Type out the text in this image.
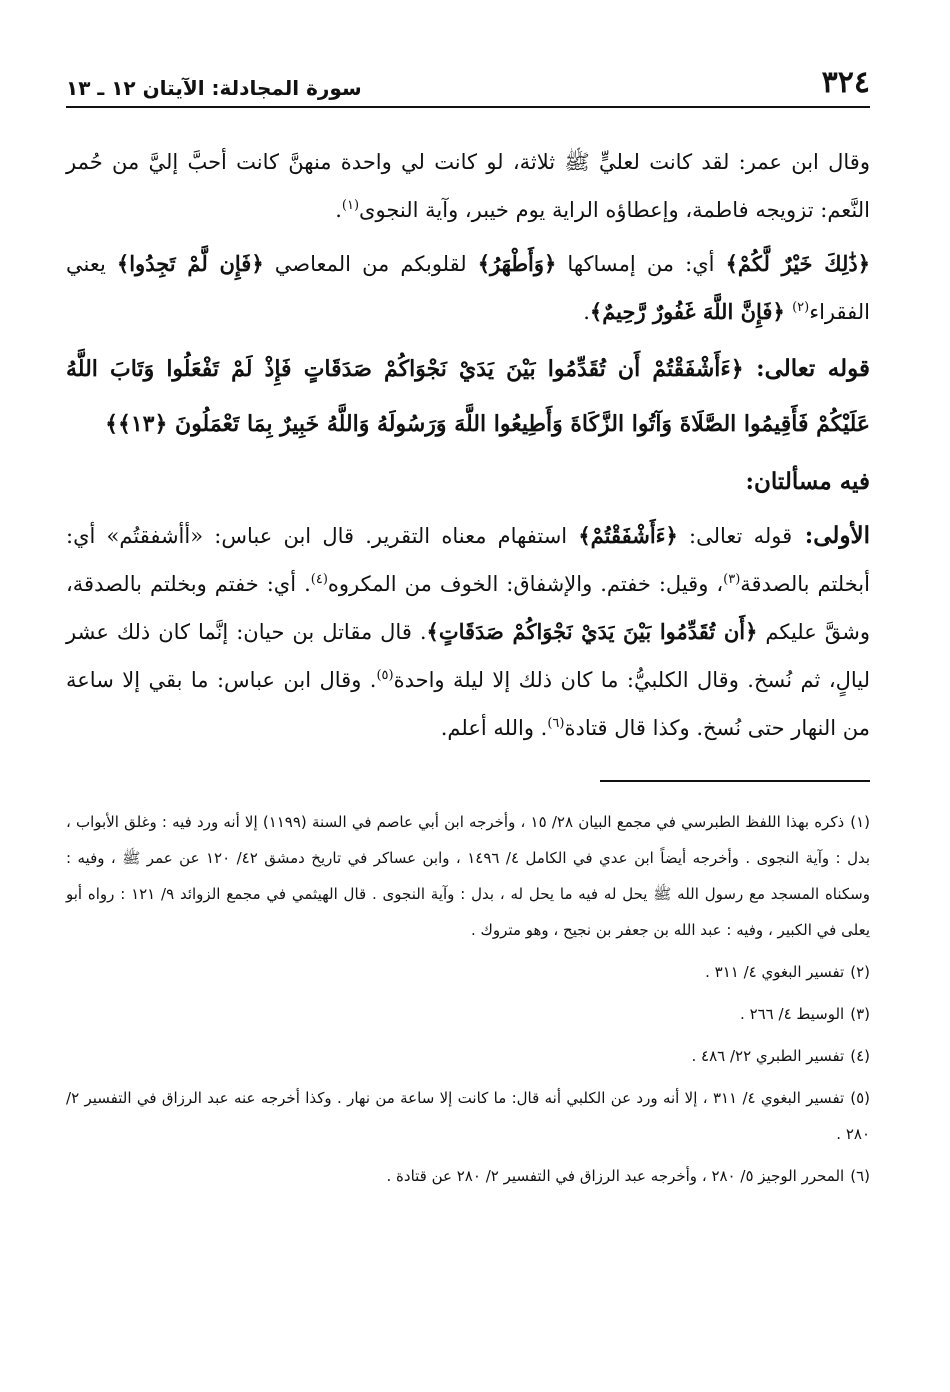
سورة المجادلة: الآيتان ١٢ ـ ١٣	٣٢٤

وقال ابن عمر: لقد كانت لعليٍّ ﷺ ثلاثة، لو كانت لي واحدة منهنَّ كانت أحبَّ إليَّ من حُمر النَّعم: تزويجه فاطمة، وإعطاؤه الراية يوم خيبر، وآية النجوى$^{(١)}$.

﴿ذَٰلِكَ خَيْرٌ لَّكُمْ﴾ أي: من إمساكها ﴿وَأَطْهَرُ﴾ لقلوبكم من المعاصي ﴿فَإِن لَّمْ تَجِدُوا﴾ يعني الفقراء$^{(٢)}$ ﴿فَإِنَّ اللَّهَ غَفُورٌ رَّحِيمٌ﴾.

قوله تعالى: ﴿ءَأَشْفَقْتُمْ أَن تُقَدِّمُوا بَيْنَ يَدَيْ نَجْوَاكُمْ صَدَقَاتٍ فَإِذْ لَمْ تَفْعَلُوا وَتَابَ اللَّهُ عَلَيْكُمْ فَأَقِيمُوا الصَّلَاةَ وَآتُوا الزَّكَاةَ وَأَطِيعُوا اللَّهَ وَرَسُولَهُ وَاللَّهُ خَبِيرٌ بِمَا تَعْمَلُونَ ﴿١٣﴾﴾

فيه مسألتان:

الأولى: قوله تعالى: ﴿ءَأَشْفَقْتُمْ﴾ استفهام معناه التقرير. قال ابن عباس: «أأشفقتُم» أي: أبخلتم بالصدقة$^{(٣)}$، وقيل: خفتم. والإشفاق: الخوف من المكروه$^{(٤)}$. أي: خفتم وبخلتم بالصدقة، وشقَّ عليكم ﴿أَن تُقَدِّمُوا بَيْنَ يَدَيْ نَجْوَاكُمْ صَدَقَاتٍ﴾. قال مقاتل بن حيان: إنَّما كان ذلك عشر ليالٍ، ثم نُسخ. وقال الكلبيُّ: ما كان ذلك إلا ليلة واحدة$^{(٥)}$. وقال ابن عباس: ما بقي إلا ساعة من النهار حتى نُسخ. وكذا قال قتادة$^{(٦)}$. والله أعلم.

(١)ذكره بهذا اللفظ الطبرسي في مجمع البيان ٢٨/ ١٥ ، وأخرجه ابن أبي عاصم في السنة (١١٩٩) إلا أنه ورد فيه : وغلق الأبواب ، بدل : وآية النجوى . وأخرجه أيضاً ابن عدي في الكامل ٤/ ١٤٩٦ ، وابن عساكر في تاريخ دمشق ٤٢/ ١٢٠ عن عمر ﷺ ، وفيه : وسكناه المسجد مع رسول الله ﷺ يحل له فيه ما يحل له ، بدل : وآية النجوى . قال الهيثمي في مجمع الزوائد ٩/ ١٢١ : رواه أبو يعلى في الكبير ، وفيه : عبد الله بن جعفر بن نجيح ، وهو متروك .

(٢)تفسير البغوي ٤/ ٣١١ .

(٣)الوسيط ٤/ ٢٦٦ .

(٤)تفسير الطبري ٢٢/ ٤٨٦ .

(٥)تفسير البغوي ٤/ ٣١١ ، إلا أنه ورد عن الكلبي أنه قال: ما كانت إلا ساعة من نهار . وكذا أخرجه عنه عبد الرزاق في التفسير ٢/ ٢٨٠ .

(٦)المحرر الوجيز ٥/ ٢٨٠ ، وأخرجه عبد الرزاق في التفسير ٢/ ٢٨٠ عن قتادة .
